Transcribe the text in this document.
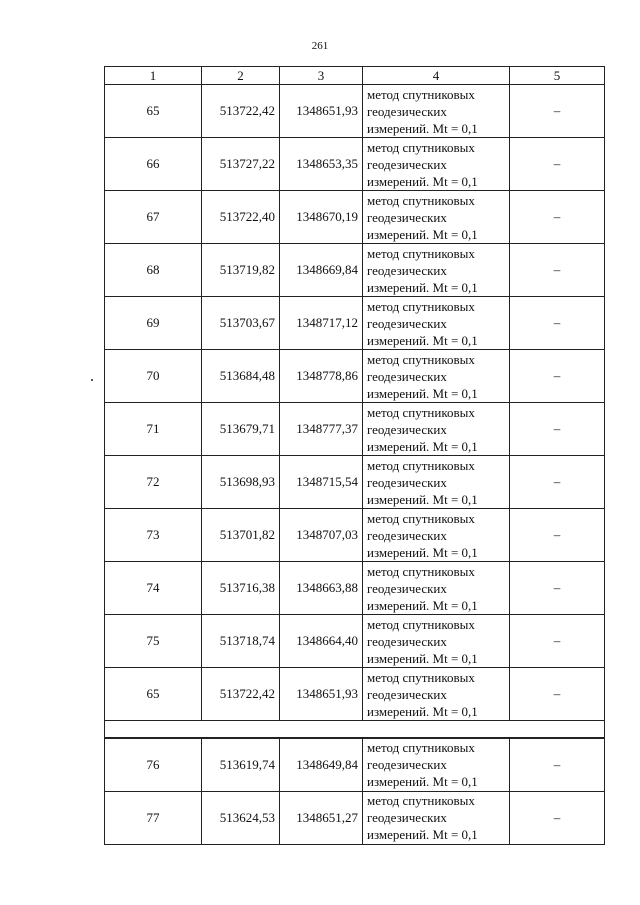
261
1	2	3	4	5
65	513722,42	1348651,93	метод спутниковых
геодезических
измерений. Mt = 0,1	–
66	513727,22	1348653,35	метод спутниковых
геодезических
измерений. Mt = 0,1	–
67	513722,40	1348670,19	метод спутниковых
геодезических
измерений. Mt = 0,1	–
68	513719,82	1348669,84	метод спутниковых
геодезических
измерений. Mt = 0,1	–
69	513703,67	1348717,12	метод спутниковых
геодезических
измерений. Mt = 0,1	–
70	513684,48	1348778,86	метод спутниковых
геодезических
измерений. Mt = 0,1	–
71	513679,71	1348777,37	метод спутниковых
геодезических
измерений. Mt = 0,1	–
72	513698,93	1348715,54	метод спутниковых
геодезических
измерений. Mt = 0,1	–
73	513701,82	1348707,03	метод спутниковых
геодезических
измерений. Mt = 0,1	–
74	513716,38	1348663,88	метод спутниковых
геодезических
измерений. Mt = 0,1	–
75	513718,74	1348664,40	метод спутниковых
геодезических
измерений. Mt = 0,1	–
65	513722,42	1348651,93	метод спутниковых
геодезических
измерений. Mt = 0,1	–

76	513619,74	1348649,84	метод спутниковых
геодезических
измерений. Mt = 0,1	–
77	513624,53	1348651,27	метод спутниковых
геодезических
измерений. Mt = 0,1	–
